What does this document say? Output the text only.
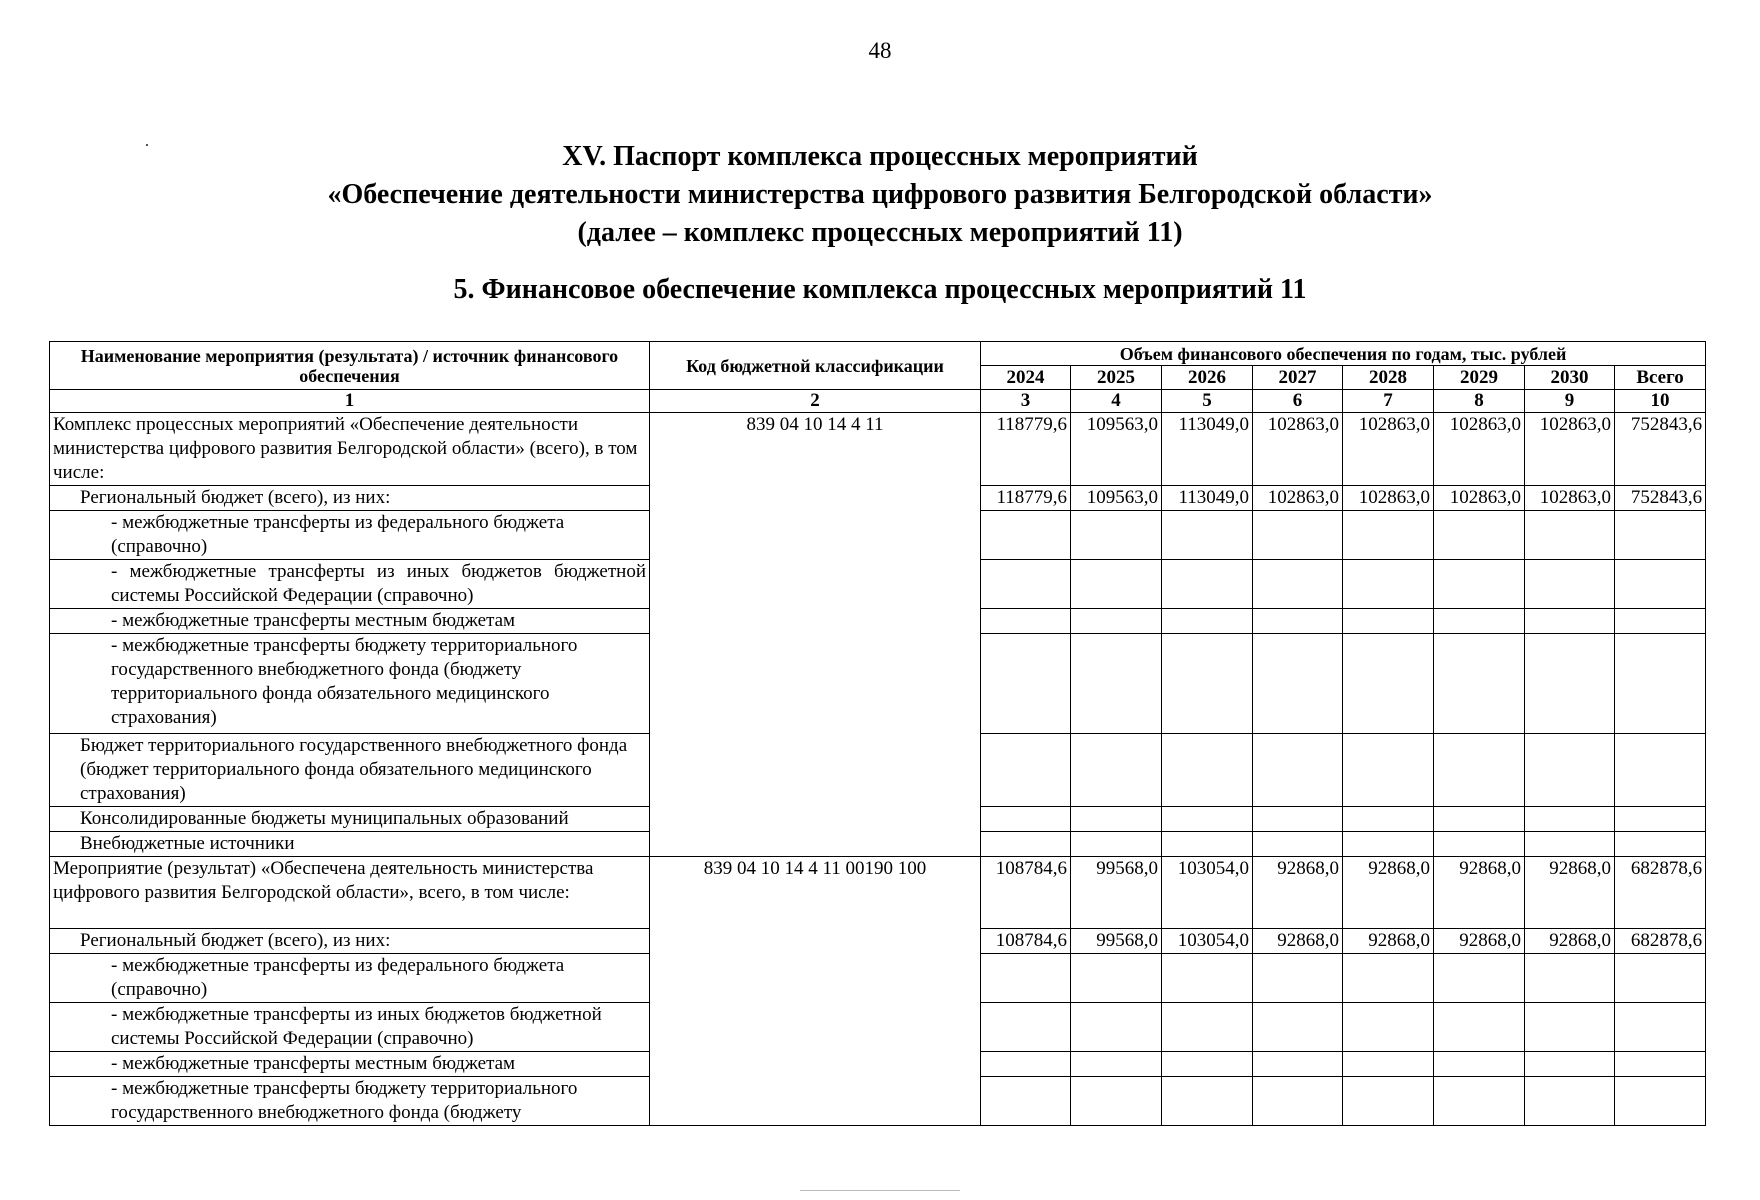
48
XV. Паспорт комплекса процессных мероприятий
«Обеспечение деятельности министерства цифрового развития Белгородской области»
(далее – комплекс процессных мероприятий 11)
5. Финансовое обеспечение комплекса процессных мероприятий 11
Наименование мероприятия (результата) / источник финансового обеспечения	Код бюджетной классификации	Объем финансового обеспечения по годам, тыс. рублей							
		2024	2025	2026	2027	2028	2029	2030	Всего
1	2	3	4	5	6	7	8	9	10
Комплекс процессных мероприятий «Обеспечение деятельности министерства цифрового развития Белгородской области» (всего), в том числе:	839 04 10 14 4 11	118779,6	109563,0	113049,0	102863,0	102863,0	102863,0	102863,0	752843,6
Региональный бюджет (всего), из них:		118779,6	109563,0	113049,0	102863,0	102863,0	102863,0	102863,0	752843,6
- межбюджетные трансферты из федерального бюджета (справочно)									
- межбюджетные трансферты из иных бюджетов бюджетной системы Российской Федерации (справочно)									
- межбюджетные трансферты местным бюджетам									
- межбюджетные трансферты бюджету территориального государственного внебюджетного фонда (бюджету территориального фонда обязательного медицинского страхования)									
Бюджет территориального государственного внебюджетного фонда (бюджет территориального фонда обязательного медицинского страхования)									
Консолидированные бюджеты муниципальных образований									
Внебюджетные источники									
Мероприятие (результат) «Обеспечена деятельность министерства цифрового развития Белгородской области», всего, в том числе:	839 04 10 14 4 11 00190 100	108784,6	99568,0	103054,0	92868,0	92868,0	92868,0	92868,0	682878,6
Региональный бюджет (всего), из них:		108784,6	99568,0	103054,0	92868,0	92868,0	92868,0	92868,0	682878,6
- межбюджетные трансферты из федерального бюджета (справочно)									
- межбюджетные трансферты из иных бюджетов бюджетной системы Российской Федерации (справочно)									
- межбюджетные трансферты местным бюджетам									
- межбюджетные трансферты бюджету территориального государственного внебюджетного фонда (бюджету									
